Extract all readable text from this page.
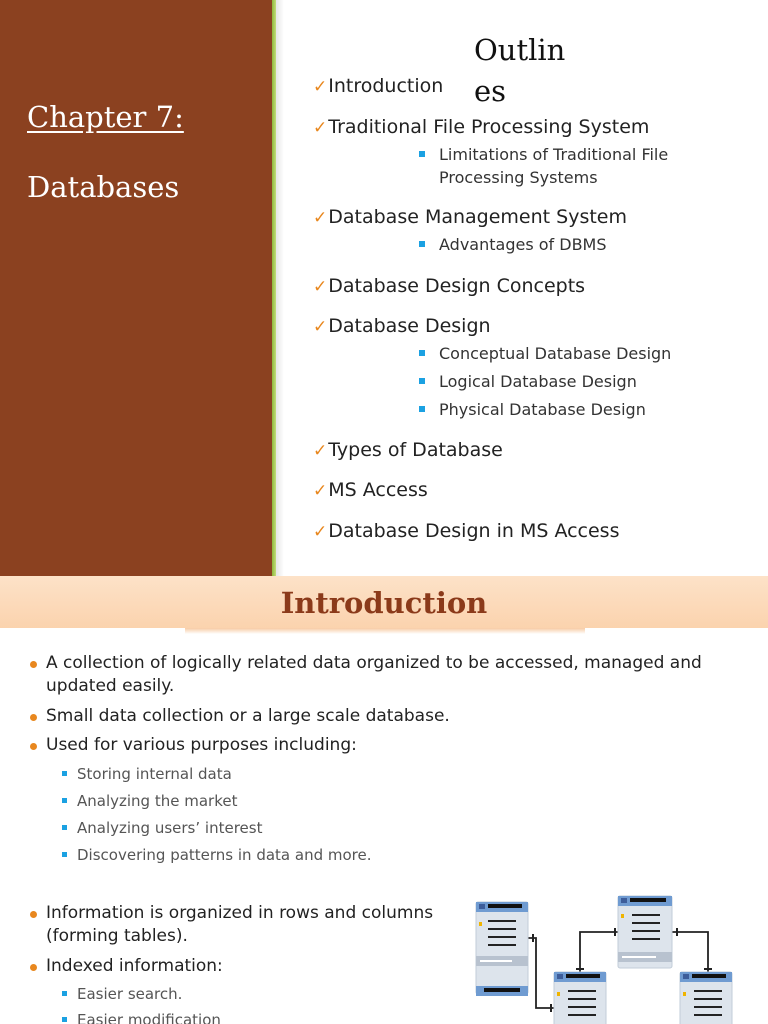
Chapter 7:
Databases
Outlines
✓Introduction
✓Traditional File Processing System
Limitations of Traditional File Processing Systems
✓Database Management System
Advantages of DBMS
✓Database Design Concepts
✓Database Design
Conceptual Database Design
Logical Database Design
Physical Database Design
✓Types of Database
✓MS Access
✓Database Design in MS Access
Introduction
A collection of logically related data organized to be accessed, managed and updated easily.
Small data collection or a large scale database.
Used for various purposes including:
Storing internal data
Analyzing the market
Analyzing users’ interest
Discovering patterns in data and more.
Information is organized in rows and columns (forming tables).
Indexed information:
Easier search.
Easier modification
